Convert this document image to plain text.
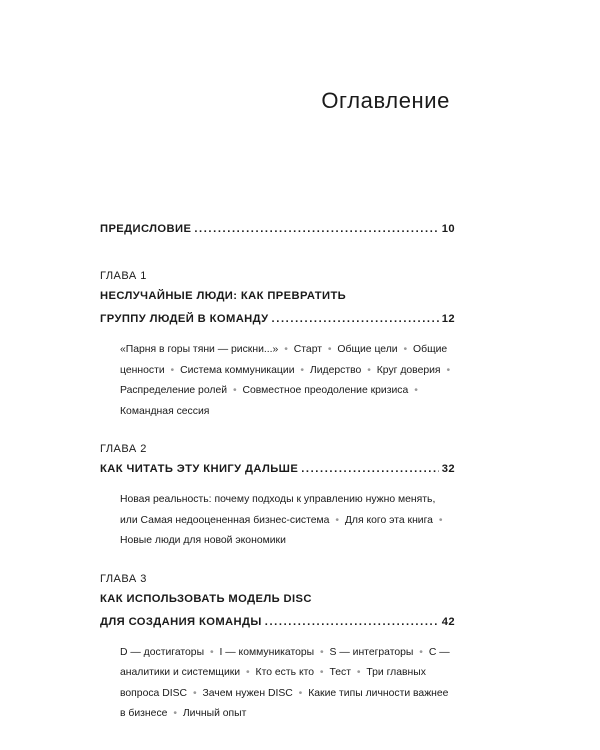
Оглавление
ПРЕДИСЛОВИЕ .....	10
ГЛАВА 1
НЕСЛУЧАЙНЫЕ ЛЮДИ: КАК ПРЕВРАТИТЬ
ГРУППУ ЛЮДЕЙ В КОМАНДУ .....	12
«Парня в горы тяни — рискни...» • Старт • Общие цели • Общие ценности • Система коммуникации • Лидерство • Круг доверия • Распределение ролей • Совместное преодоление кризиса • Командная сессия
ГЛАВА 2
КАК ЧИТАТЬ ЭТУ КНИГУ ДАЛЬШЕ .....	32
Новая реальность: почему подходы к управлению нужно менять, или Самая недооцененная бизнес-система • Для кого эта книга • Новые люди для новой экономики
ГЛАВА 3
КАК ИСПОЛЬЗОВАТЬ МОДЕЛЬ DISC
ДЛЯ СОЗДАНИЯ КОМАНДЫ .....	42
D — достигаторы • I — коммуникаторы • S — интеграторы • C — аналитики и системщики • Кто есть кто • Тест • Три главных вопроса DISC • Зачем нужен DISC • Какие типы личности важнее в бизнесе • Личный опыт
